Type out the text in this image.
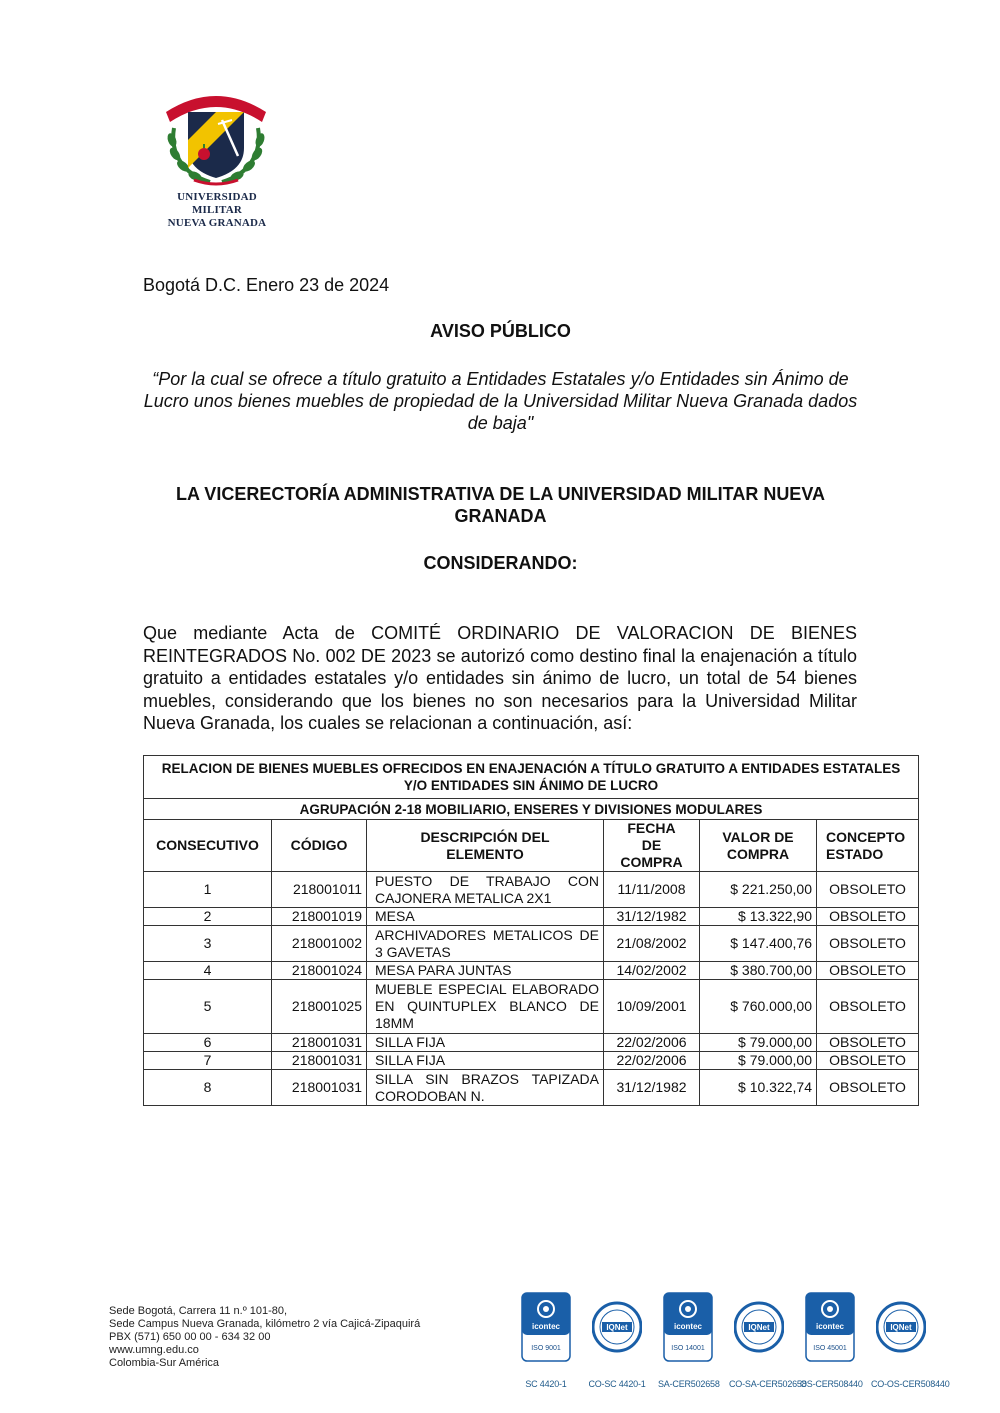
SCIENTIÆ PATRIÆ FAMILIÆ
UNIVERSIDAD MILITAR
NUEVA GRANADA
Bogotá D.C. Enero 23 de 2024
AVISO PÚBLICO
“Por la cual se ofrece a título gratuito a Entidades Estatales y/o Entidades sin Ánimo de Lucro unos bienes muebles de propiedad de la Universidad Militar Nueva Granada dados de baja"
LA VICERECTORÍA ADMINISTRATIVA DE LA UNIVERSIDAD MILITAR NUEVA GRANADA
CONSIDERANDO:
Que mediante Acta de COMITÉ ORDINARIO DE VALORACION DE BIENES REINTEGRADOS No. 002 DE 2023 se autorizó como destino final la enajenación a título gratuito a entidades estatales y/o entidades sin ánimo de lucro, un total de 54 bienes muebles, considerando que los bienes no son necesarios para la Universidad Militar Nueva Granada, los cuales se relacionan a continuación, así:
RELACION DE BIENES MUEBLES OFRECIDOS EN ENAJENACIÓN A TÍTULO GRATUITO A ENTIDADES ESTATALES Y/O ENTIDADES SIN ÁNIMO DE LUCRO					
AGRUPACIÓN 2-18 MOBILIARIO, ENSERES Y DIVISIONES MODULARES					
CONSECUTIVO	CÓDIGO	DESCRIPCIÓN DEL ELEMENTO	FECHA DE COMPRA	VALOR DE COMPRA	CONCEPTO ESTADO
1	218001011	PUESTO DE TRABAJO CON CAJONERA METALICA 2X1	11/11/2008	$ 221.250,00	OBSOLETO
2	218001019	MESA	31/12/1982	$ 13.322,90	OBSOLETO
3	218001002	ARCHIVADORES METALICOS DE 3 GAVETAS	21/08/2002	$ 147.400,76	OBSOLETO
4	218001024	MESA PARA JUNTAS	14/02/2002	$ 380.700,00	OBSOLETO
5	218001025	MUEBLE ESPECIAL ELABORADO EN QUINTUPLEX BLANCO DE 18MM	10/09/2001	$ 760.000,00	OBSOLETO
6	218001031	SILLA FIJA	22/02/2006	$ 79.000,00	OBSOLETO
7	218001031	SILLA FIJA	22/02/2006	$ 79.000,00	OBSOLETO
8	218001031	SILLA SIN BRAZOS TAPIZADA CORODOBAN N.	31/12/1982	$ 10.322,74	OBSOLETO
Sede Bogotá, Carrera 11 n.º 101-80,
Sede Campus Nueva Granada, kilómetro 2 vía Cajicá-Zipaquirá
PBX (571) 650 00 00 - 634 32 00
www.umng.edu.co
Colombia-Sur América
icontec
ISO 9001
SC 4420-1
IQNet
CO-SC 4420-1
icontec
ISO 14001
SA-CER502658
IQNet
CO-SA-CER502658
icontec
ISO 45001
OS-CER508440
IQNet
CO-OS-CER508440
